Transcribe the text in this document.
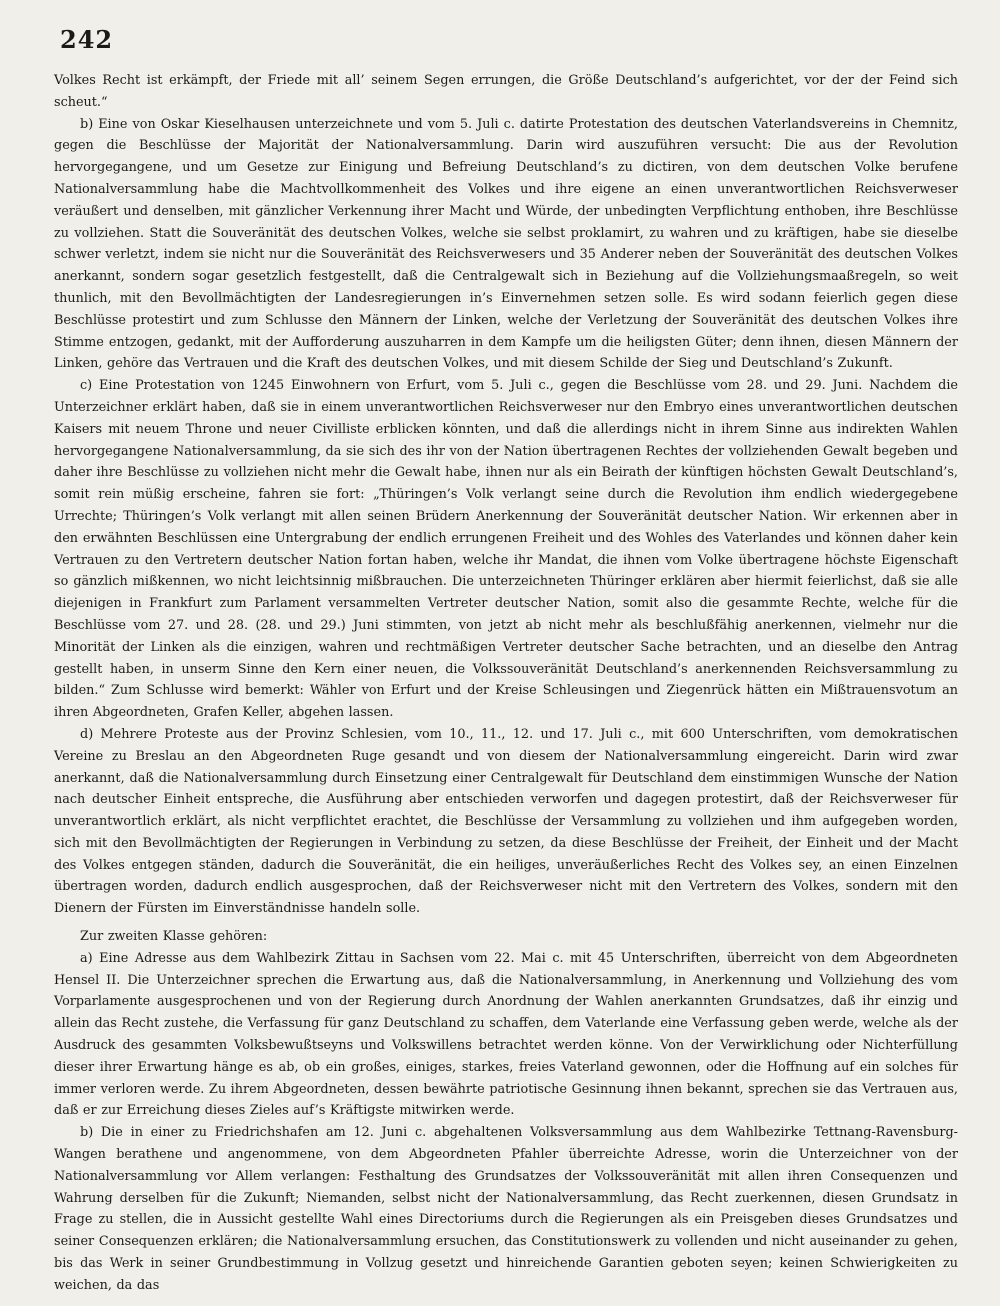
242

Volkes Recht ist erkämpft, der Friede mit all’ seinem Segen errungen, die Größe Deutschland’s aufgerichtet, vor der der Feind sich scheut.“

b) Eine von Oskar Kieselhausen unterzeichnete und vom 5. Juli c. datirte Protestation des deutschen Vaterlandsvereins in Chemnitz, gegen die Beschlüsse der Majorität der Nationalversammlung. Darin wird auszuführen versucht: Die aus der Revolution hervorgegangene, und um Gesetze zur Einigung und Befreiung Deutschland’s zu dictiren, von dem deutschen Volke berufene Nationalversammlung habe die Machtvollkommenheit des Volkes und ihre eigene an einen unverantwortlichen Reichsverweser veräußert und denselben, mit gänzlicher Verkennung ihrer Macht und Würde, der unbedingten Verpflichtung enthoben, ihre Beschlüsse zu vollziehen. Statt die Souveränität des deutschen Volkes, welche sie selbst proklamirt, zu wahren und zu kräftigen, habe sie dieselbe schwer verletzt, indem sie nicht nur die Souveränität des Reichsverwesers und 35 Anderer neben der Souveränität des deutschen Volkes anerkannt, sondern sogar gesetzlich festgestellt, daß die Centralgewalt sich in Beziehung auf die Vollziehungsmaaßregeln, so weit thunlich, mit den Bevollmächtigten der Landesregierungen in’s Einvernehmen setzen solle. Es wird sodann feierlich gegen diese Beschlüsse protestirt und zum Schlusse den Männern der Linken, welche der Verletzung der Souveränität des deutschen Volkes ihre Stimme entzogen, gedankt, mit der Aufforderung auszuharren in dem Kampfe um die heiligsten Güter; denn ihnen, diesen Männern der Linken, gehöre das Vertrauen und die Kraft des deutschen Volkes, und mit diesem Schilde der Sieg und Deutschland’s Zukunft.

c) Eine Protestation von 1245 Einwohnern von Erfurt, vom 5. Juli c., gegen die Beschlüsse vom 28. und 29. Juni. Nachdem die Unterzeichner erklärt haben, daß sie in einem unverantwortlichen Reichsverweser nur den Embryo eines unverantwortlichen deutschen Kaisers mit neuem Throne und neuer Civilliste erblicken könnten, und daß die allerdings nicht in ihrem Sinne aus indirekten Wahlen hervorgegangene Nationalversammlung, da sie sich des ihr von der Nation übertragenen Rechtes der vollziehenden Gewalt begeben und daher ihre Beschlüsse zu vollziehen nicht mehr die Gewalt habe, ihnen nur als ein Beirath der künftigen höchsten Gewalt Deutschland’s, somit rein müßig erscheine, fahren sie fort: „Thüringen’s Volk verlangt seine durch die Revolution ihm endlich wiedergegebene Urrechte; Thüringen’s Volk verlangt mit allen seinen Brüdern Anerkennung der Souveränität deutscher Nation. Wir erkennen aber in den erwähnten Beschlüssen eine Untergrabung der endlich errungenen Freiheit und des Wohles des Vaterlandes und können daher kein Vertrauen zu den Vertretern deutscher Nation fortan haben, welche ihr Mandat, die ihnen vom Volke übertragene höchste Eigenschaft so gänzlich mißkennen, wo nicht leichtsinnig mißbrauchen. Die unterzeichneten Thüringer erklären aber hiermit feierlichst, daß sie alle diejenigen in Frankfurt zum Parlament versammelten Vertreter deutscher Nation, somit also die gesammte Rechte, welche für die Beschlüsse vom 27. und 28. (28. und 29.) Juni stimmten, von jetzt ab nicht mehr als beschlußfähig anerkennen, vielmehr nur die Minorität der Linken als die einzigen, wahren und rechtmäßigen Vertreter deutscher Sache betrachten, und an dieselbe den Antrag gestellt haben, in unserm Sinne den Kern einer neuen, die Volkssouveränität Deutschland’s anerkennenden Reichsversammlung zu bilden.“ Zum Schlusse wird bemerkt: Wähler von Erfurt und der Kreise Schleusingen und Ziegenrück hätten ein Mißtrauensvotum an ihren Abgeordneten, Grafen Keller, abgehen lassen.

d) Mehrere Proteste aus der Provinz Schlesien, vom 10., 11., 12. und 17. Juli c., mit 600 Unterschriften, vom demokratischen Vereine zu Breslau an den Abgeordneten Ruge gesandt und von diesem der Nationalversammlung eingereicht. Darin wird zwar anerkannt, daß die Nationalversammlung durch Einsetzung einer Centralgewalt für Deutschland dem einstimmigen Wunsche der Nation nach deutscher Einheit entspreche, die Ausführung aber entschieden verworfen und dagegen protestirt, daß der Reichsverweser für unverantwortlich erklärt, als nicht verpflichtet erachtet, die Beschlüsse der Versammlung zu vollziehen und ihm aufgegeben worden, sich mit den Bevollmächtigten der Regierungen in Verbindung zu setzen, da diese Beschlüsse der Freiheit, der Einheit und der Macht des Volkes entgegen ständen, dadurch die Souveränität, die ein heiliges, unveräußerliches Recht des Volkes sey, an einen Einzelnen übertragen worden, dadurch endlich ausgesprochen, daß der Reichsverweser nicht mit den Vertretern des Volkes, sondern mit den Dienern der Fürsten im Einverständnisse handeln solle.

Zur zweiten Klasse gehören:

a) Eine Adresse aus dem Wahlbezirk Zittau in Sachsen vom 22. Mai c. mit 45 Unterschriften, überreicht von dem Abgeordneten Hensel II. Die Unterzeichner sprechen die Erwartung aus, daß die Nationalversammlung, in Anerkennung und Vollziehung des vom Vorparlamente ausgesprochenen und von der Regierung durch Anordnung der Wahlen anerkannten Grundsatzes, daß ihr einzig und allein das Recht zustehe, die Verfassung für ganz Deutschland zu schaffen, dem Vaterlande eine Verfassung geben werde, welche als der Ausdruck des gesammten Volksbewußtseyns und Volkswillens betrachtet werden könne. Von der Verwirklichung oder Nichterfüllung dieser ihrer Erwartung hänge es ab, ob ein großes, einiges, starkes, freies Vaterland gewonnen, oder die Hoffnung auf ein solches für immer verloren werde. Zu ihrem Abgeordneten, dessen bewährte patriotische Gesinnung ihnen bekannt, sprechen sie das Vertrauen aus, daß er zur Erreichung dieses Zieles auf’s Kräftigste mitwirken werde.

b) Die in einer zu Friedrichshafen am 12. Juni c. abgehaltenen Volksversammlung aus dem Wahlbezirke Tettnang-Ravensburg-Wangen berathene und angenommene, von dem Abgeordneten Pfahler überreichte Adresse, worin die Unterzeichner von der Nationalversammlung vor Allem verlangen: Festhaltung des Grundsatzes der Volkssouveränität mit allen ihren Consequenzen und Wahrung derselben für die Zukunft; Niemanden, selbst nicht der Nationalversammlung, das Recht zuerkennen, diesen Grundsatz in Frage zu stellen, die in Aussicht gestellte Wahl eines Directoriums durch die Regierungen als ein Preisgeben dieses Grundsatzes und seiner Consequenzen erklären; die Nationalversammlung ersuchen, das Constitutionswerk zu vollenden und nicht auseinander zu gehen, bis das Werk in seiner Grundbestimmung in Vollzug gesetzt und hinreichende Garantien geboten seyen; keinen Schwierigkeiten zu weichen, da das
